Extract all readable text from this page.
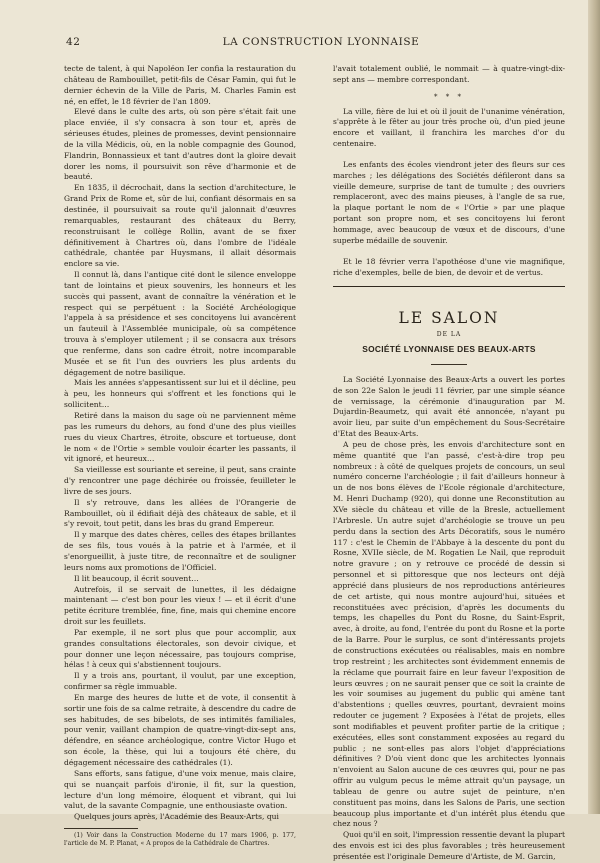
42	LA CONSTRUCTION LYONNAISE

tecte de talent, à qui Napoléon Ier confia la restauration du château de Rambouillet, petit-fils de César Famin, qui fut le dernier échevin de la Ville de Paris, M. Charles Famin est né, en effet, le 18 février de l'an 1809.

Elevé dans le culte des arts, où son père s'était fait une place enviée, il s'y consacra à son tour et, après de sérieuses études, pleines de promesses, devint pensionnaire de la villa Médicis, où, en la noble compagnie des Gounod, Flandrin, Bonnassieux et tant d'autres dont la gloire devait dorer les noms, il poursuivit son rêve d'harmonie et de beauté.

En 1835, il décrochait, dans la section d'architecture, le Grand Prix de Rome et, sûr de lui, confiant désormais en sa destinée, il poursuivait sa route qu'il jalonnait d'œuvres remarquables, restaurant des châteaux du Berry, reconstruisant le collège Rollin, avant de se fixer définitivement à Chartres où, dans l'ombre de l'idéale cathédrale, chantée par Huysmans, il allait désormais enclore sa vie.

Il connut là, dans l'antique cité dont le silence enveloppe tant de lointains et pieux souvenirs, les honneurs et les succès qui passent, avant de connaître la vénération et le respect qui se perpétuent : la Société Archéologique l'appela à sa présidence et ses concitoyens lui avancèrent un fauteuil à l'Assemblée municipale, où sa compétence trouva à s'employer utilement ; il se consacra aux trésors que renferme, dans son cadre étroit, notre incomparable Musée et se fit l'un des ouvriers les plus ardents du dégagement de notre basilique.

Mais les années s'appesantissent sur lui et il décline, peu à peu, les honneurs qui s'offrent et les fonctions qui le sollicitent…

Retiré dans la maison du sage où ne parviennent même pas les rumeurs du dehors, au fond d'une des plus vieilles rues du vieux Chartres, étroite, obscure et tortueuse, dont le nom « de l'Ortie » semble vouloir écarter les passants, il vit ignoré, et heureux…

Sa vieillesse est souriante et sereine, il peut, sans crainte d'y rencontrer une page déchirée ou froissée, feuilleter le livre de ses jours.

Il s'y retrouve, dans les allées de l'Orangerie de Rambouillet, où il édifiait déjà des châteaux de sable, et il s'y revoit, tout petit, dans les bras du grand Empereur.

Il y marque des dates chères, celles des étapes brillantes de ses fils, tous voués à la patrie et à l'armée, et il s'enorgueillit, à juste titre, de reconnaître et de souligner leurs noms aux promotions de l'Officiel.

Il lit beaucoup, il écrit souvent…

Autrefois, il se servait de lunettes, il les dédaigne maintenant — c'est bon pour les vieux ! — et il écrit d'une petite écriture tremblée, fine, fine, mais qui chemine encore droit sur les feuillets.

Par exemple, il ne sort plus que pour accomplir, aux grandes consultations électorales, son devoir civique, et pour donner une leçon nécessaire, pas toujours comprise, hélas ! à ceux qui s'abstiennent toujours.

Il y a trois ans, pourtant, il voulut, par une exception, confirmer sa règle immuable.

En marge des heures de lutte et de vote, il consentit à sortir une fois de sa calme retraite, à descendre du cadre de ses habitudes, de ses bibelots, de ses intimités familiales, pour venir, vaillant champion de quatre-vingt-dix-sept ans, défendre, en séance archéologique, contre Victor Hugo et son école, la thèse, qui lui a toujours été chère, du dégagement nécessaire des cathédrales (1).

Sans efforts, sans fatigue, d'une voix menue, mais claire, qui se nuançait parfois d'ironie, il fit, sur la question, lecture d'un long mémoire, éloquent et vibrant, qui lui valut, de la savante Compagnie, une enthousiaste ovation.

Quelques jours après, l'Académie des Beaux-Arts, qui

(1) Voir dans la Construction Moderne du 17 mars 1906, p. 177, l'article de M. P. Planat, « A propos de la Cathédrale de Chartres.

l'avait totalement oublié, le nommait — à quatre-vingt-dix-sept ans — membre correspondant.

* * *

La ville, fière de lui et où il jouit de l'unanime vénération, s'apprête à le fêter au jour très proche où, d'un pied jeune encore et vaillant, il franchira les marches d'or du centenaire.

Les enfants des écoles viendront jeter des fleurs sur ces marches ; les délégations des Sociétés défileront dans sa vieille demeure, surprise de tant de tumulte ; des ouvriers remplaceront, avec des mains pieuses, à l'angle de sa rue, la plaque portant le nom de « l'Ortie » par une plaque portant son propre nom, et ses concitoyens lui feront hommage, avec beaucoup de vœux et de discours, d'une superbe médaille de souvenir.

Et le 18 février verra l'apothéose d'une vie magnifique, riche d'exemples, belle de bien, de devoir et de vertus.

LE SALON
DE LA
SOCIÉTÉ LYONNAISE DES BEAUX-ARTS

La Société Lyonnaise des Beaux-Arts a ouvert les portes de son 22e Salon le jeudi 11 février, par une simple séance de vernissage, la cérémonie d'inauguration par M. Dujardin-Beaumetz, qui avait été annoncée, n'ayant pu avoir lieu, par suite d'un empêchement du Sous-Secrétaire d'Etat des Beaux-Arts.

A peu de chose près, les envois d'architecture sont en même quantité que l'an passé, c'est-à-dire trop peu nombreux : à côté de quelques projets de concours, un seul numéro concerne l'archéologie ; il fait d'ailleurs honneur à un de nos bons élèves de l'Ecole régionale d'architecture, M. Henri Duchamp (920), qui donne une Reconstitution au XVe siècle du château et ville de la Bresle, actuellement l'Arbresle. Un autre sujet d'archéologie se trouve un peu perdu dans la section des Arts Décoratifs, sous le numéro 117 : c'est le Chemin de l'Abbaye à la descente du pont du Rosne, XVIIe siècle, de M. Rogatien Le Nail, que reproduit notre gravure ; on y retrouve ce procédé de dessin si personnel et si pittoresque que nos lecteurs ont déjà apprécié dans plusieurs de nos reproductions antérieures de cet artiste, qui nous montre aujourd'hui, situées et reconstituées avec précision, d'après les documents du temps, les chapelles du Pont du Rosne, du Saint-Esprit, avec, à droite, au fond, l'entrée du pont du Rosne et la porte de la Barre. Pour le surplus, ce sont d'intéressants projets de constructions exécutées ou réalisables, mais en nombre trop restreint ; les architectes sont évidemment ennemis de la réclame que pourrait faire en leur faveur l'exposition de leurs œuvres ; on ne saurait penser que ce soit la crainte de les voir soumises au jugement du public qui amène tant d'abstentions ; quelles œuvres, pourtant, devraient moins redouter ce jugement ? Exposées à l'état de projets, elles sont modifiables et peuvent profiter partie de la critique ; exécutées, elles sont constamment exposées au regard du public ; ne sont-elles pas alors l'objet d'appréciations définitives ? D'où vient donc que les architectes lyonnais n'envoient au Salon aucune de ces œuvres qui, pour ne pas offrir au vulgum pecus le même attrait qu'un paysage, un tableau de genre ou autre sujet de peinture, n'en constituent pas moins, dans les Salons de Paris, une section beaucoup plus importante et d'un intérêt plus étendu que chez nous ?

Quoi qu'il en soit, l'impression ressentie devant la plupart des envois est ici des plus favorables ; très heureusement présentée est l'originale Demeure d'Artiste, de M. Garcin,
